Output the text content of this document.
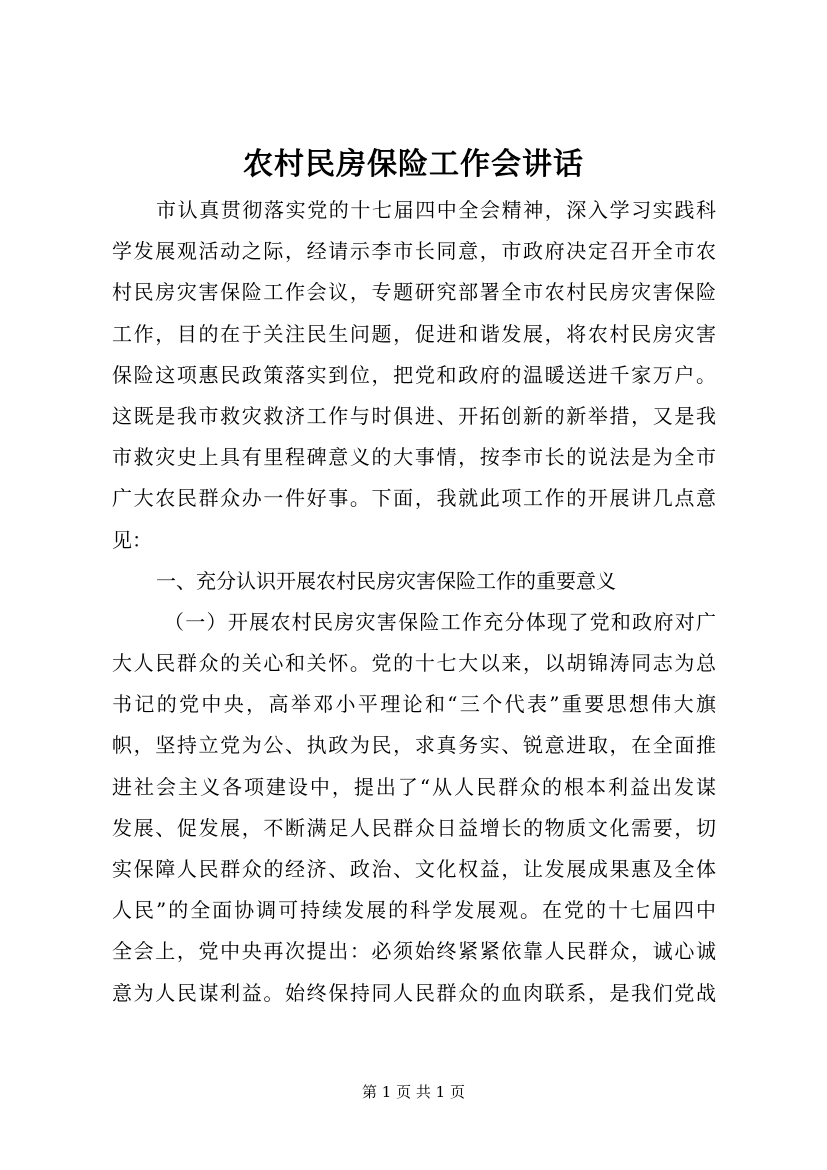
农村民房保险工作会讲话
市认真贯彻落实党的十七届四中全会精神，深入学习实践科
学发展观活动之际，经请示李市长同意，市政府决定召开全市农
村民房灾害保险工作会议，专题研究部署全市农村民房灾害保险
工作，目的在于关注民生问题，促进和谐发展，将农村民房灾害
保险这项惠民政策落实到位，把党和政府的温暖送进千家万户。
这既是我市救灾救济工作与时俱进、开拓创新的新举措，又是我
市救灾史上具有里程碑意义的大事情，按李市长的说法是为全市
广大农民群众办一件好事。下面，我就此项工作的开展讲几点意
见：
一、充分认识开展农村民房灾害保险工作的重要意义
（一）开展农村民房灾害保险工作充分体现了党和政府对广
大人民群众的关心和关怀。党的十七大以来，以胡锦涛同志为总
书记的党中央，高举邓小平理论和“三个代表”重要思想伟大旗
帜，坚持立党为公、执政为民，求真务实、锐意进取，在全面推
进社会主义各项建设中，提出了“从人民群众的根本利益出发谋
发展、促发展，不断满足人民群众日益增长的物质文化需要，切
实保障人民群众的经济、政治、文化权益，让发展成果惠及全体
人民”的全面协调可持续发展的科学发展观。在党的十七届四中
全会上，党中央再次提出：必须始终紧紧依靠人民群众，诚心诚
意为人民谋利益。始终保持同人民群众的血肉联系，是我们党战
第 1 页 共 1 页
